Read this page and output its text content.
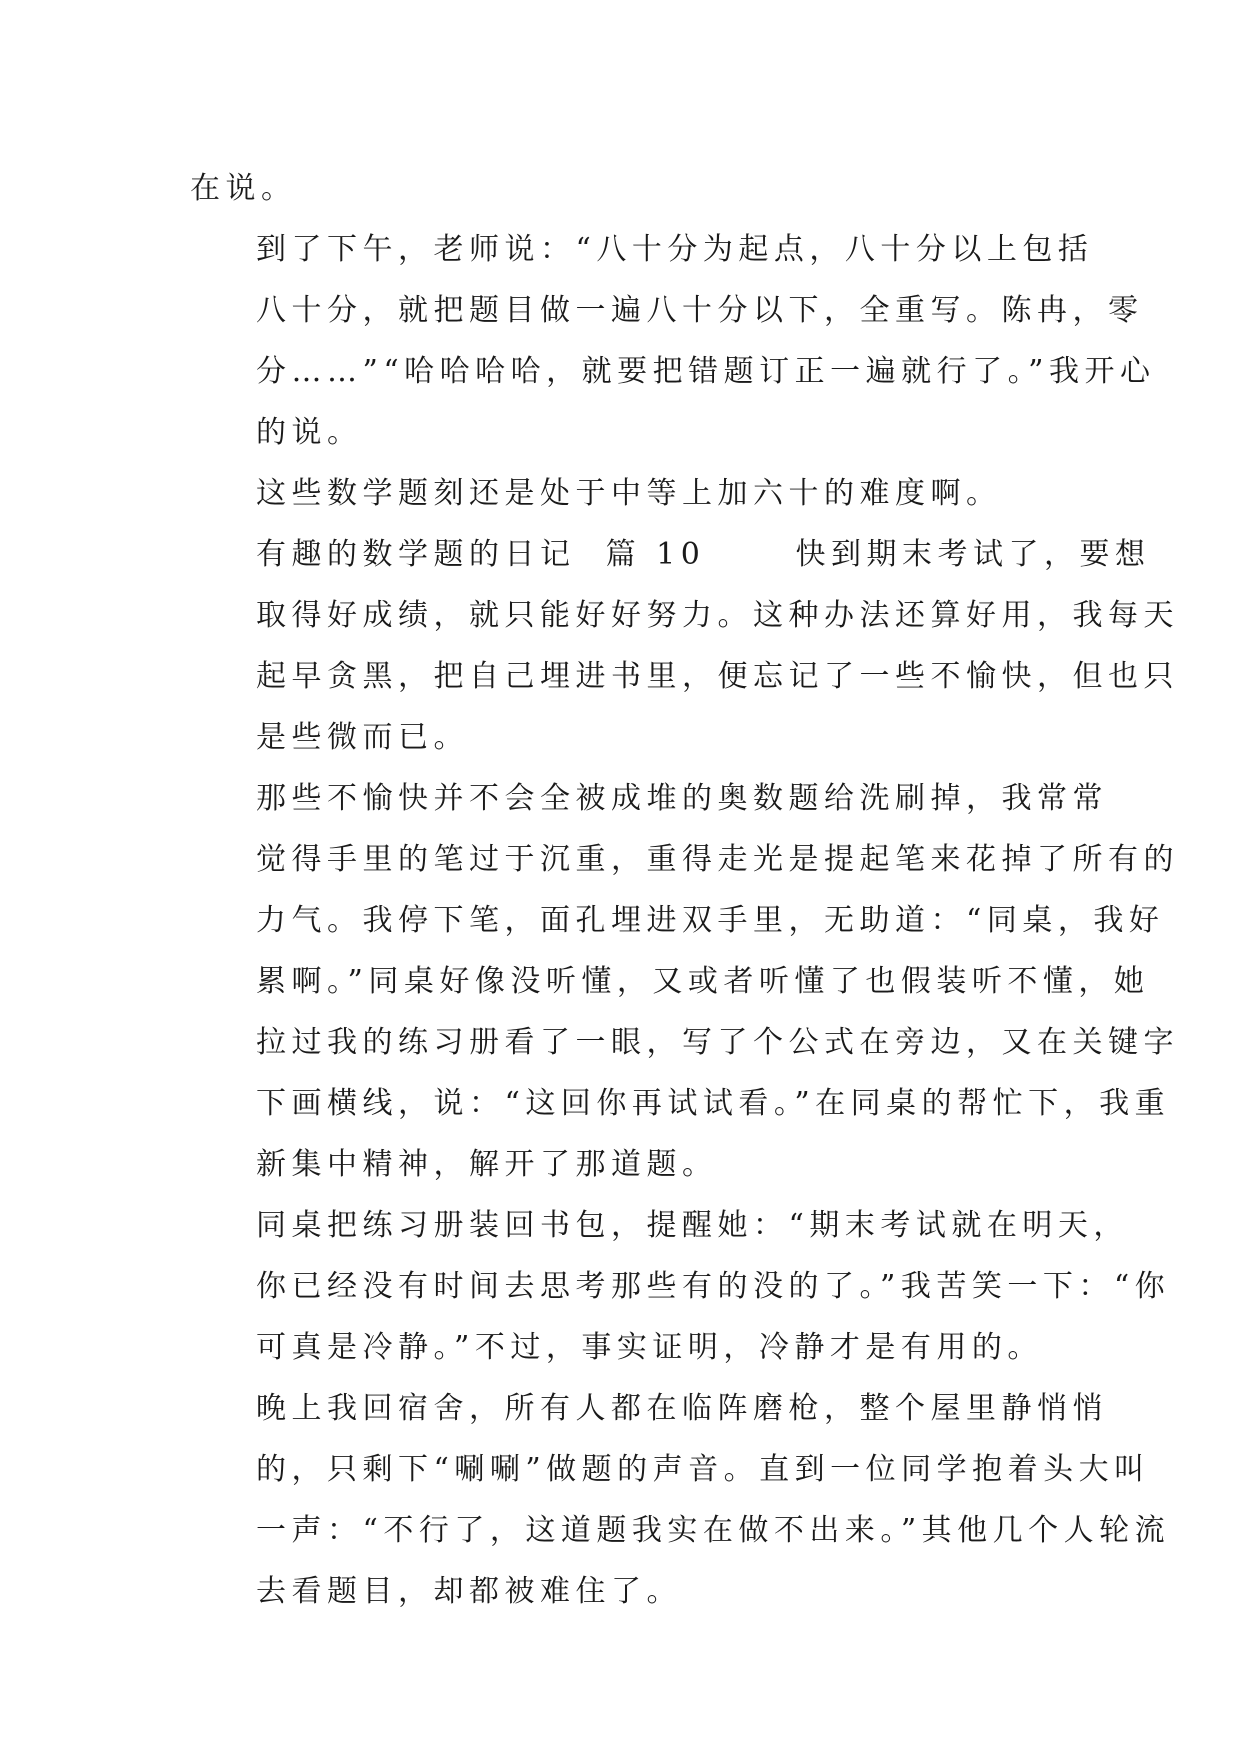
在说。

到了下午，老师说：“八十分为起点，八十分以上包括
八十分，就把题目做一遍八十分以下，全重写。陈冉，零
分……”“哈哈哈哈，就要把错题订正一遍就行了。”我开心
的说。

这些数学题刻还是处于中等上加六十的难度啊。

有趣的数学题的日记  篇 10      快到期末考试了，要想
取得好成绩，就只能好好努力。这种办法还算好用，我每天
起早贪黑，把自己埋进书里，便忘记了一些不愉快，但也只
是些微而已。

那些不愉快并不会全被成堆的奥数题给洗刷掉，我常常
觉得手里的笔过于沉重，重得走光是提起笔来花掉了所有的
力气。我停下笔，面孔埋进双手里，无助道：“同桌，我好
累啊。”同桌好像没听懂，又或者听懂了也假装听不懂，她
拉过我的练习册看了一眼，写了个公式在旁边，又在关键字
下画横线，说：“这回你再试试看。”在同桌的帮忙下，我重
新集中精神，解开了那道题。

同桌把练习册装回书包，提醒她：“期末考试就在明天，
你已经没有时间去思考那些有的没的了。”我苦笑一下：“你
可真是冷静。”不过，事实证明，冷静才是有用的。

晚上我回宿舍，所有人都在临阵磨枪，整个屋里静悄悄
的，只剩下“唰唰”做题的声音。直到一位同学抱着头大叫
一声：“不行了，这道题我实在做不出来。”其他几个人轮流
去看题目，却都被难住了。
